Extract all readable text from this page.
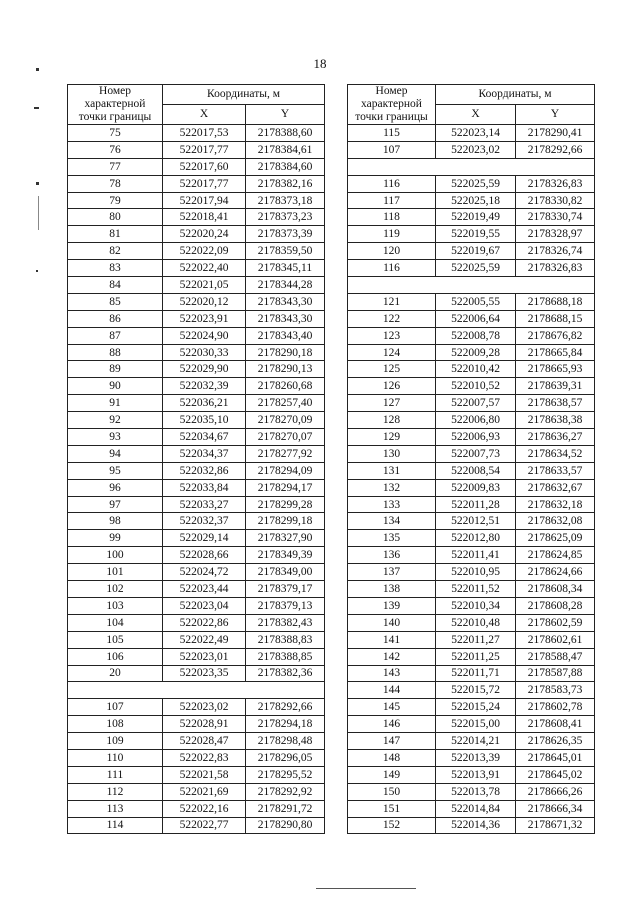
18
Номер характерной точки границы	Координаты, м	
	X	Y
75	522017,53	2178388,60
76	522017,77	2178384,61
77	522017,60	2178384,60
78	522017,77	2178382,16
79	522017,94	2178373,18
80	522018,41	2178373,23
81	522020,24	2178373,39
82	522022,09	2178359,50
83	522022,40	2178345,11
84	522021,05	2178344,28
85	522020,12	2178343,30
86	522023,91	2178343,30
87	522024,90	2178343,40
88	522030,33	2178290,18
89	522029,90	2178290,13
90	522032,39	2178260,68
91	522036,21	2178257,40
92	522035,10	2178270,09
93	522034,67	2178270,07
94	522034,37	2178277,92
95	522032,86	2178294,09
96	522033,84	2178294,17
97	522033,27	2178299,28
98	522032,37	2178299,18
99	522029,14	2178327,90
100	522028,66	2178349,39
101	522024,72	2178349,00
102	522023,44	2178379,17
103	522023,04	2178379,13
104	522022,86	2178382,43
105	522022,49	2178388,83
106	522023,01	2178388,85
20	522023,35	2178382,36

107	522023,02	2178292,66
108	522028,91	2178294,18
109	522028,47	2178298,48
110	522022,83	2178296,05
111	522021,58	2178295,52
112	522021,69	2178292,92
113	522022,16	2178291,72
114	522022,77	2178290,80
Номер характерной точки границы	Координаты, м	
	X	Y
115	522023,14	2178290,41
107	522023,02	2178292,66

116	522025,59	2178326,83
117	522025,18	2178330,82
118	522019,49	2178330,74
119	522019,55	2178328,97
120	522019,67	2178326,74
116	522025,59	2178326,83

121	522005,55	2178688,18
122	522006,64	2178688,15
123	522008,78	2178676,82
124	522009,28	2178665,84
125	522010,42	2178665,93
126	522010,52	2178639,31
127	522007,57	2178638,57
128	522006,80	2178638,38
129	522006,93	2178636,27
130	522007,73	2178634,52
131	522008,54	2178633,57
132	522009,83	2178632,67
133	522011,28	2178632,18
134	522012,51	2178632,08
135	522012,80	2178625,09
136	522011,41	2178624,85
137	522010,95	2178624,66
138	522011,52	2178608,34
139	522010,34	2178608,28
140	522010,48	2178602,59
141	522011,27	2178602,61
142	522011,25	2178588,47
143	522011,71	2178587,88
144	522015,72	2178583,73
145	522015,24	2178602,78
146	522015,00	2178608,41
147	522014,21	2178626,35
148	522013,39	2178645,01
149	522013,91	2178645,02
150	522013,78	2178666,26
151	522014,84	2178666,34
152	522014,36	2178671,32
